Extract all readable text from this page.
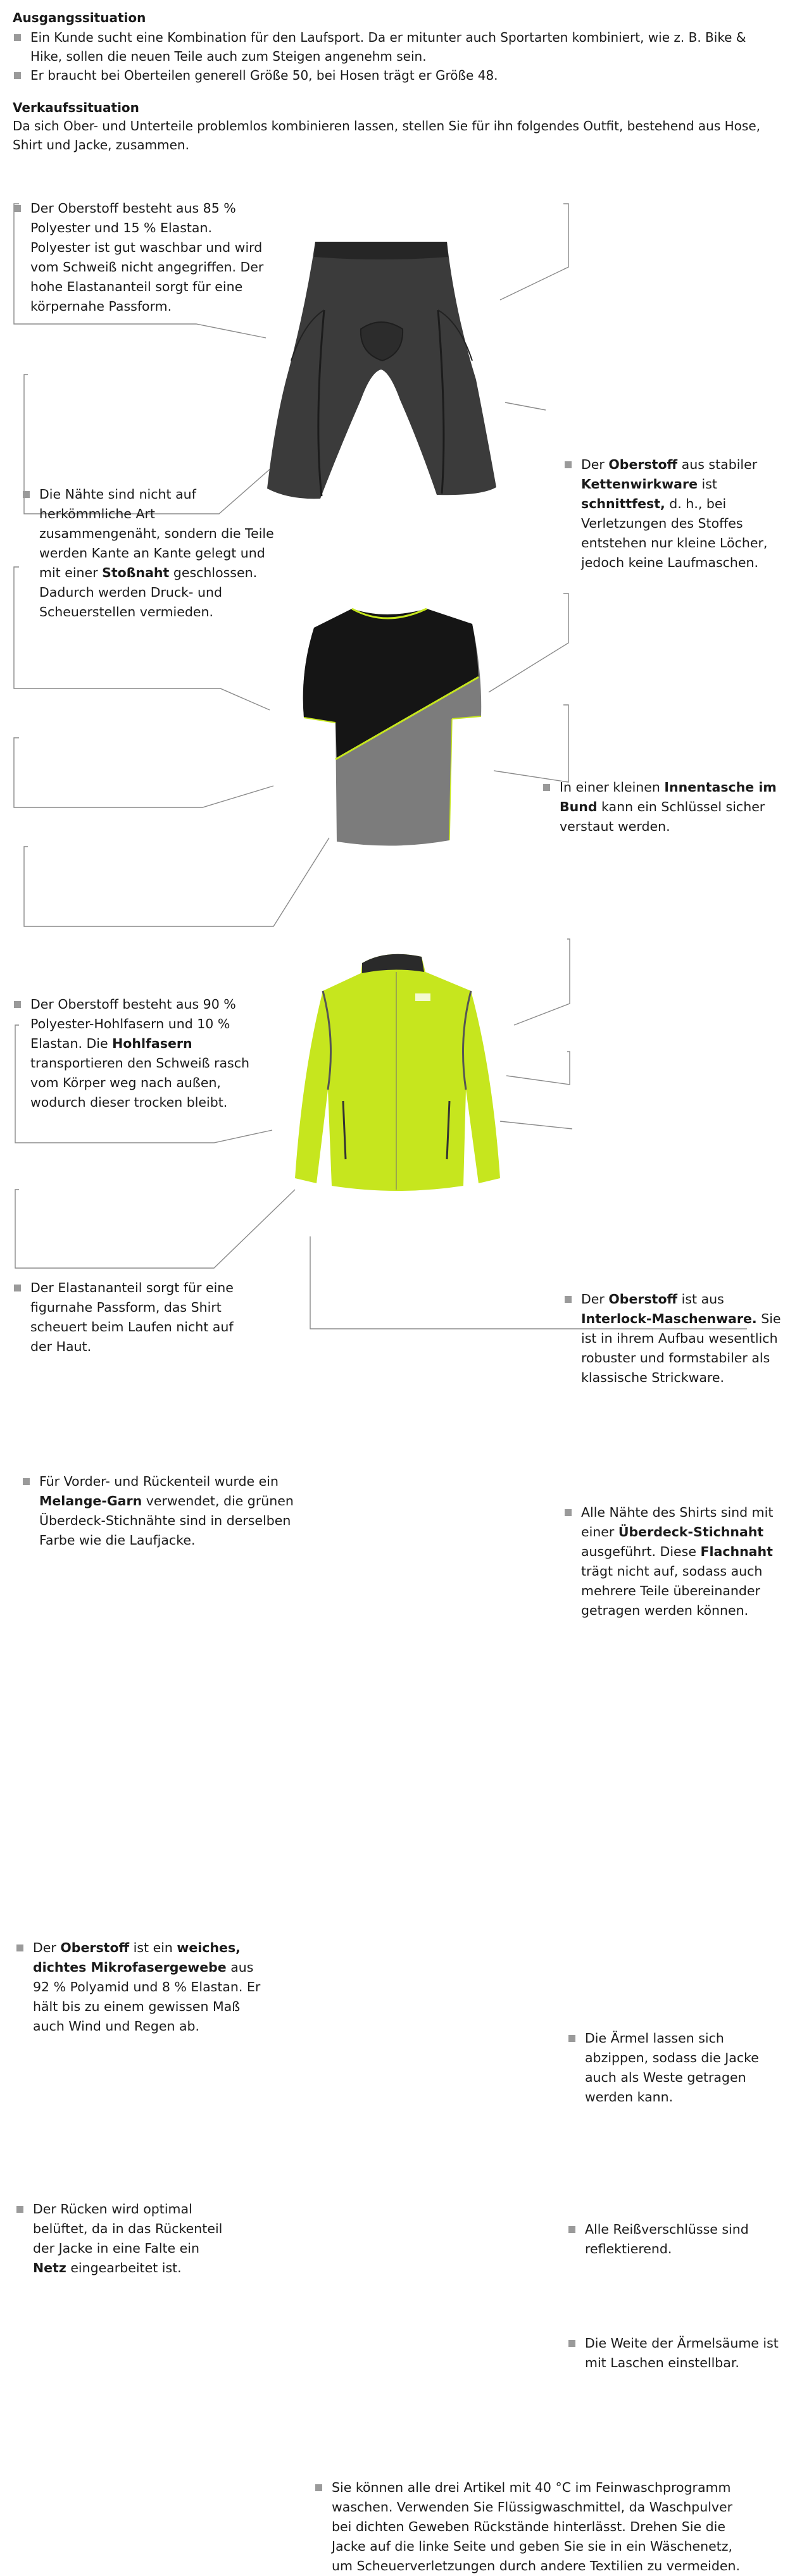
Ausgangssituation
Ein Kunde sucht eine Kombination für den Laufsport. Da er mitunter auch Sportarten kombiniert, wie z. B. Bike & Hike, sollen die neuen Teile auch zum Steigen angenehm sein.
Er braucht bei Oberteilen generell Größe 50, bei Hosen trägt er Größe 48.
Verkaufssituation
Da sich Ober- und Unterteile problemlos kombinieren lassen, stellen Sie für ihn folgendes Outfit, bestehend aus Hose, Shirt und Jacke, zusammen.
Der Oberstoff besteht aus 85 % Polyester und 15 % Elastan. Polyester ist gut waschbar und wird vom Schweiß nicht angegriffen. Der hohe Elastananteil sorgt für eine körpernahe Passform.
Die Nähte sind nicht auf herkömmliche Art zusammengenäht, sondern die Teile werden Kante an Kante gelegt und mit einer Stoßnaht geschlossen. Dadurch werden Druck- und Scheuerstellen vermieden.
Der Oberstoff aus stabiler Kettenwirkware ist schnittfest, d. h., bei Verletzungen des Stoffes entstehen nur kleine Löcher, jedoch keine Laufmaschen.
In einer kleinen Innentasche im Bund kann ein Schlüssel sicher verstaut werden.
Der Oberstoff besteht aus 90 % Polyester-Hohlfasern und 10 % Elastan. Die Hohlfasern transportieren den Schweiß rasch vom Körper weg nach außen, wodurch dieser trocken bleibt.
Der Elastananteil sorgt für eine figurnahe Passform, das Shirt scheuert beim Laufen nicht auf der Haut.
Für Vorder- und Rückenteil wurde ein Melange-Garn verwendet, die grünen Überdeck-Stichnähte sind in derselben Farbe wie die Laufjacke.
Der Oberstoff ist aus Interlock-Maschenware. Sie ist in ihrem Aufbau wesentlich robuster und formstabiler als klassische Strickware.
Alle Nähte des Shirts sind mit einer Überdeck-Stichnaht ausgeführt. Diese Flachnaht trägt nicht auf, sodass auch mehrere Teile übereinander getragen werden können.
Der Oberstoff ist ein weiches, dichtes Mikrofasergewebe aus 92 % Polyamid und 8 % Elastan. Er hält bis zu einem gewissen Maß auch Wind und Regen ab.
Der Rücken wird optimal belüftet, da in das Rückenteil der Jacke in eine Falte ein Netz eingearbeitet ist.
Die Ärmel lassen sich abzippen, sodass die Jacke auch als Weste getragen werden kann.
Alle Reißverschlüsse sind reflektierend.
Die Weite der Ärmelsäume ist mit Laschen einstellbar.
Sie können alle drei Artikel mit 40 °C im Feinwaschprogramm waschen. Verwenden Sie Flüssigwaschmittel, da Waschpulver bei dichten Geweben Rückstände hinterlässt. Drehen Sie die Jacke auf die linke Seite und geben Sie sie in ein Wäschenetz, um Scheuerverletzungen durch andere Textilien zu vermeiden.
